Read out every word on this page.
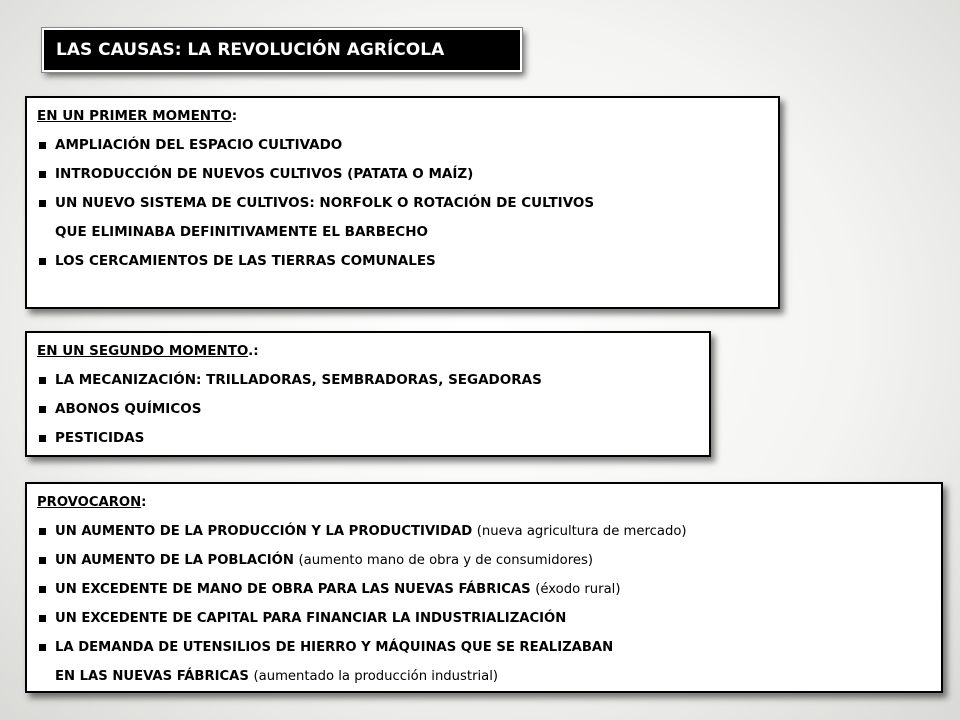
LAS CAUSAS: LA REVOLUCIÓN AGRÍCOLA
EN UN PRIMER MOMENTO:
AMPLIACIÓN DEL ESPACIO CULTIVADO
INTRODUCCIÓN DE NUEVOS CULTIVOS (PATATA O MAÍZ)
UN NUEVO SISTEMA DE CULTIVOS: NORFOLK O ROTACIÓN DE CULTIVOS
QUE ELIMINABA DEFINITIVAMENTE EL BARBECHO
LOS CERCAMIENTOS DE LAS TIERRAS COMUNALES
EN UN SEGUNDO MOMENTO.:
LA MECANIZACIÓN: TRILLADORAS, SEMBRADORAS, SEGADORAS
ABONOS QUÍMICOS
PESTICIDAS
PROVOCARON:
UN AUMENTO DE LA PRODUCCIÓN Y LA PRODUCTIVIDAD (nueva agricultura de mercado)
UN AUMENTO DE LA POBLACIÓN (aumento mano de obra y de consumidores)
UN EXCEDENTE DE MANO DE OBRA PARA LAS NUEVAS FÁBRICAS (éxodo rural)
UN EXCEDENTE DE CAPITAL PARA FINANCIAR LA INDUSTRIALIZACIÓN
LA DEMANDA DE UTENSILIOS DE HIERRO Y MÁQUINAS QUE SE REALIZABAN
EN LAS NUEVAS FÁBRICAS (aumentado la producción industrial)
